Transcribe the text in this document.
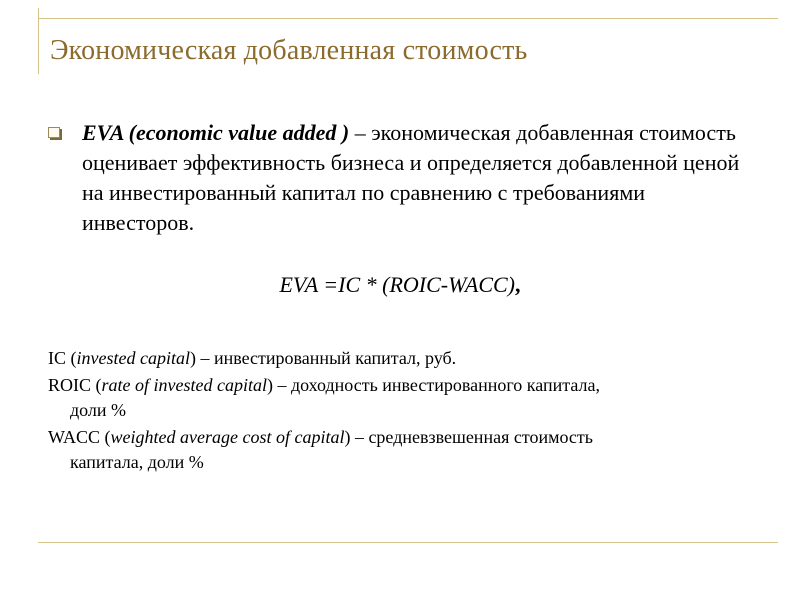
Экономическая добавленная стоимость
EVA (economic value added ) – экономическая добавленная стоимость оценивает эффективность бизнеса и определяется добавленной ценой на инвестированный капитал по сравнению с требованиями инвесторов.
EVA =IC * (ROIC-WACC),
IC (invested capital) – инвестированный капитал, руб.
ROIC (rate of invested capital) – доходность инвестированного капитала,
доли %
WACC (weighted average cost of capital) – средневзвешенная стоимость
капитала, доли %
